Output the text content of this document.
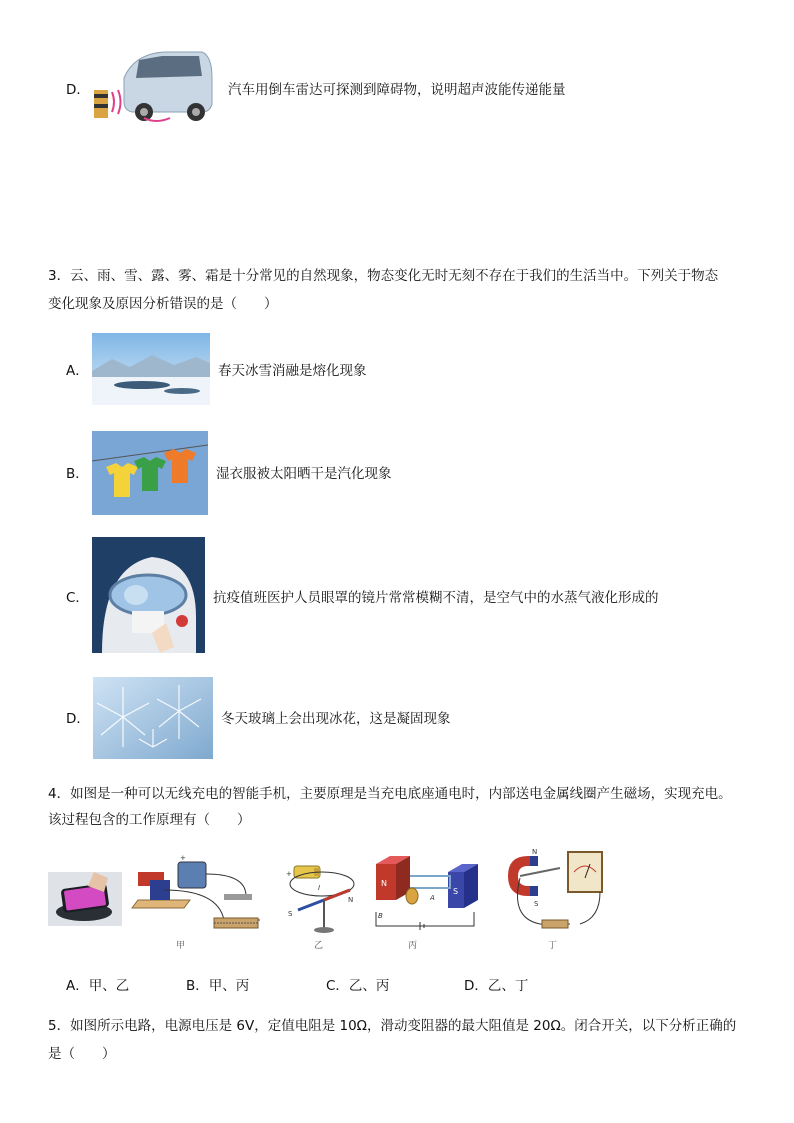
D．	汽车用倒车雷达可探测到障碍物，说明超声波能传递能量
3．云、雨、雪、露、雾、霜是十分常见的自然现象，物态变化无时无刻不存在于我们的生活当中。下列关于物态
变化现象及原因分析错误的是（　　）
A．	春天冰雪消融是熔化现象
B．	湿衣服被太阳晒干是汽化现象
C．	抗疫值班医护人员眼罩的镜片常常模糊不清，是空气中的水蒸气液化形成的
D．	冬天玻璃上会出现冰花，这是凝固现象
4．如图是一种可以无线充电的智能手机，主要原理是当充电底座通电时，内部送电金属线圈产生磁场，实现充电。
该过程包含的工作原理有（　　）
+
甲
+
I
S
N
乙
N
S
B
A
丙
N
S
丁
A．甲、乙	B．甲、丙	C．乙、丙	D．乙、丁
5．如图所示电路，电源电压是 6V，定值电阻是 10Ω，滑动变阻器的最大阻值是 20Ω。闭合开关，以下分析正确的
是（　　）
